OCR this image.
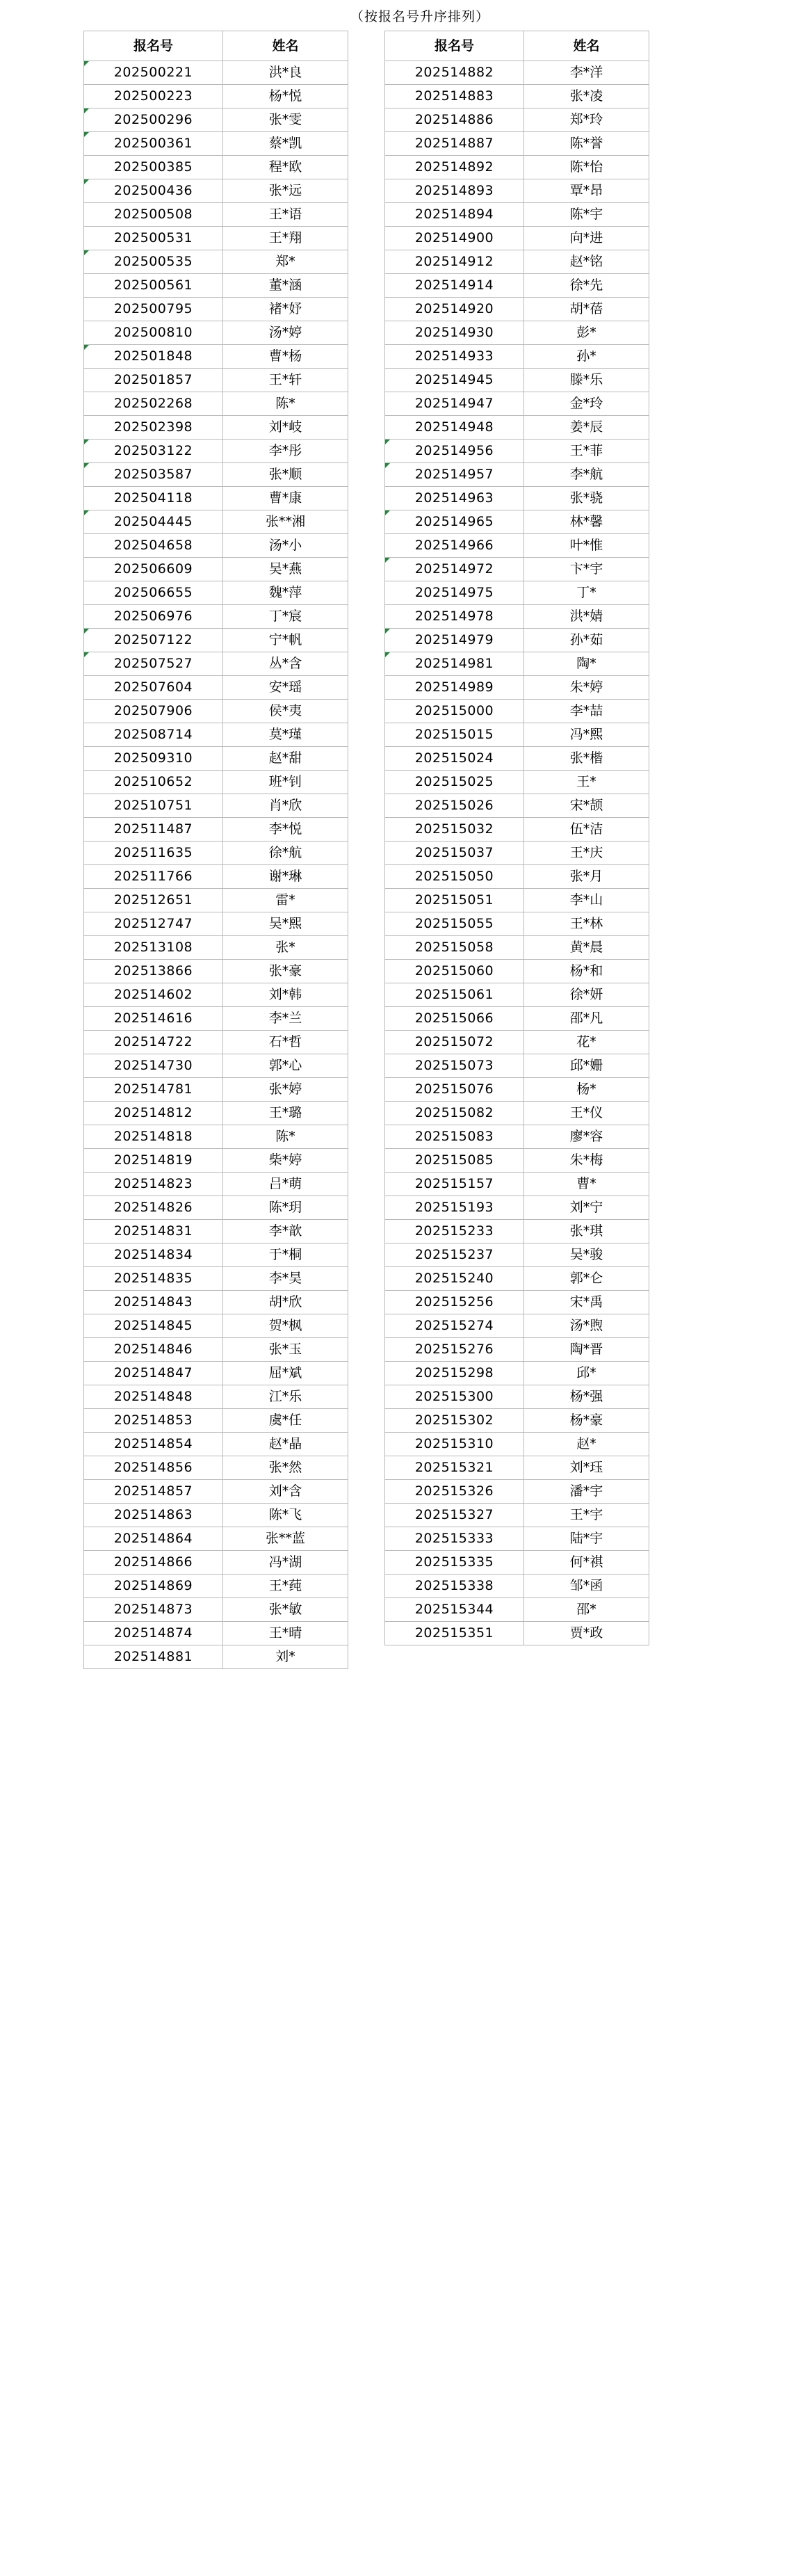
（按报名号升序排列）
报名号	姓名
202500221	洪*良
202500223	杨*悦
202500296	张*雯
202500361	蔡*凯
202500385	程*欧
202500436	张*远
202500508	王*语
202500531	王*翔
202500535	郑*
202500561	董*涵
202500795	褚*妤
202500810	汤*婷
202501848	曹*杨
202501857	王*轩
202502268	陈*
202502398	刘*岐
202503122	李*彤
202503587	张*顺
202504118	曹*康
202504445	张**湘
202504658	汤*小
202506609	吴*燕
202506655	魏*萍
202506976	丁*宸
202507122	宁*帆
202507527	丛*含
202507604	安*瑶
202507906	侯*夷
202508714	莫*瑾
202509310	赵*甜
202510652	班*钊
202510751	肖*欣
202511487	李*悦
202511635	徐*航
202511766	谢*琳
202512651	雷*
202512747	吴*熙
202513108	张*
202513866	张*豪
202514602	刘*韩
202514616	李*兰
202514722	石*哲
202514730	郭*心
202514781	张*婷
202514812	王*璐
202514818	陈*
202514819	柴*婷
202514823	吕*萌
202514826	陈*玥
202514831	李*歆
202514834	于*桐
202514835	李*昊
202514843	胡*欣
202514845	贺*枫
202514846	张*玉
202514847	屈*斌
202514848	江*乐
202514853	虞*任
202514854	赵*晶
202514856	张*然
202514857	刘*含
202514863	陈*飞
202514864	张**蓝
202514866	冯*湖
202514869	王*莼
202514873	张*敏
202514874	王*晴
202514881	刘*
报名号	姓名
202514882	李*洋
202514883	张*凌
202514886	郑*玲
202514887	陈*誉
202514892	陈*怡
202514893	覃*昂
202514894	陈*宇
202514900	向*进
202514912	赵*铭
202514914	徐*先
202514920	胡*蓓
202514930	彭*
202514933	孙*
202514945	滕*乐
202514947	金*玲
202514948	姜*辰
202514956	王*菲
202514957	李*航
202514963	张*骁
202514965	林*馨
202514966	叶*惟
202514972	卞*宇
202514975	丁*
202514978	洪*婧
202514979	孙*茹
202514981	陶*
202514989	朱*婷
202515000	李*喆
202515015	冯*熙
202515024	张*楷
202515025	王*
202515026	宋*颉
202515032	伍*洁
202515037	王*庆
202515050	张*月
202515051	李*山
202515055	王*林
202515058	黄*晨
202515060	杨*和
202515061	徐*妍
202515066	邵*凡
202515072	花*
202515073	邱*姗
202515076	杨*
202515082	王*仪
202515083	廖*容
202515085	朱*梅
202515157	曹*
202515193	刘*宁
202515233	张*琪
202515237	吴*骏
202515240	郭*仑
202515256	宋*禹
202515274	汤*煦
202515276	陶*晋
202515298	邱*
202515300	杨*强
202515302	杨*豪
202515310	赵*
202515321	刘*珏
202515326	潘*宇
202515327	王*宇
202515333	陆*宇
202515335	何*祺
202515338	邹*函
202515344	邵*
202515351	贾*政
